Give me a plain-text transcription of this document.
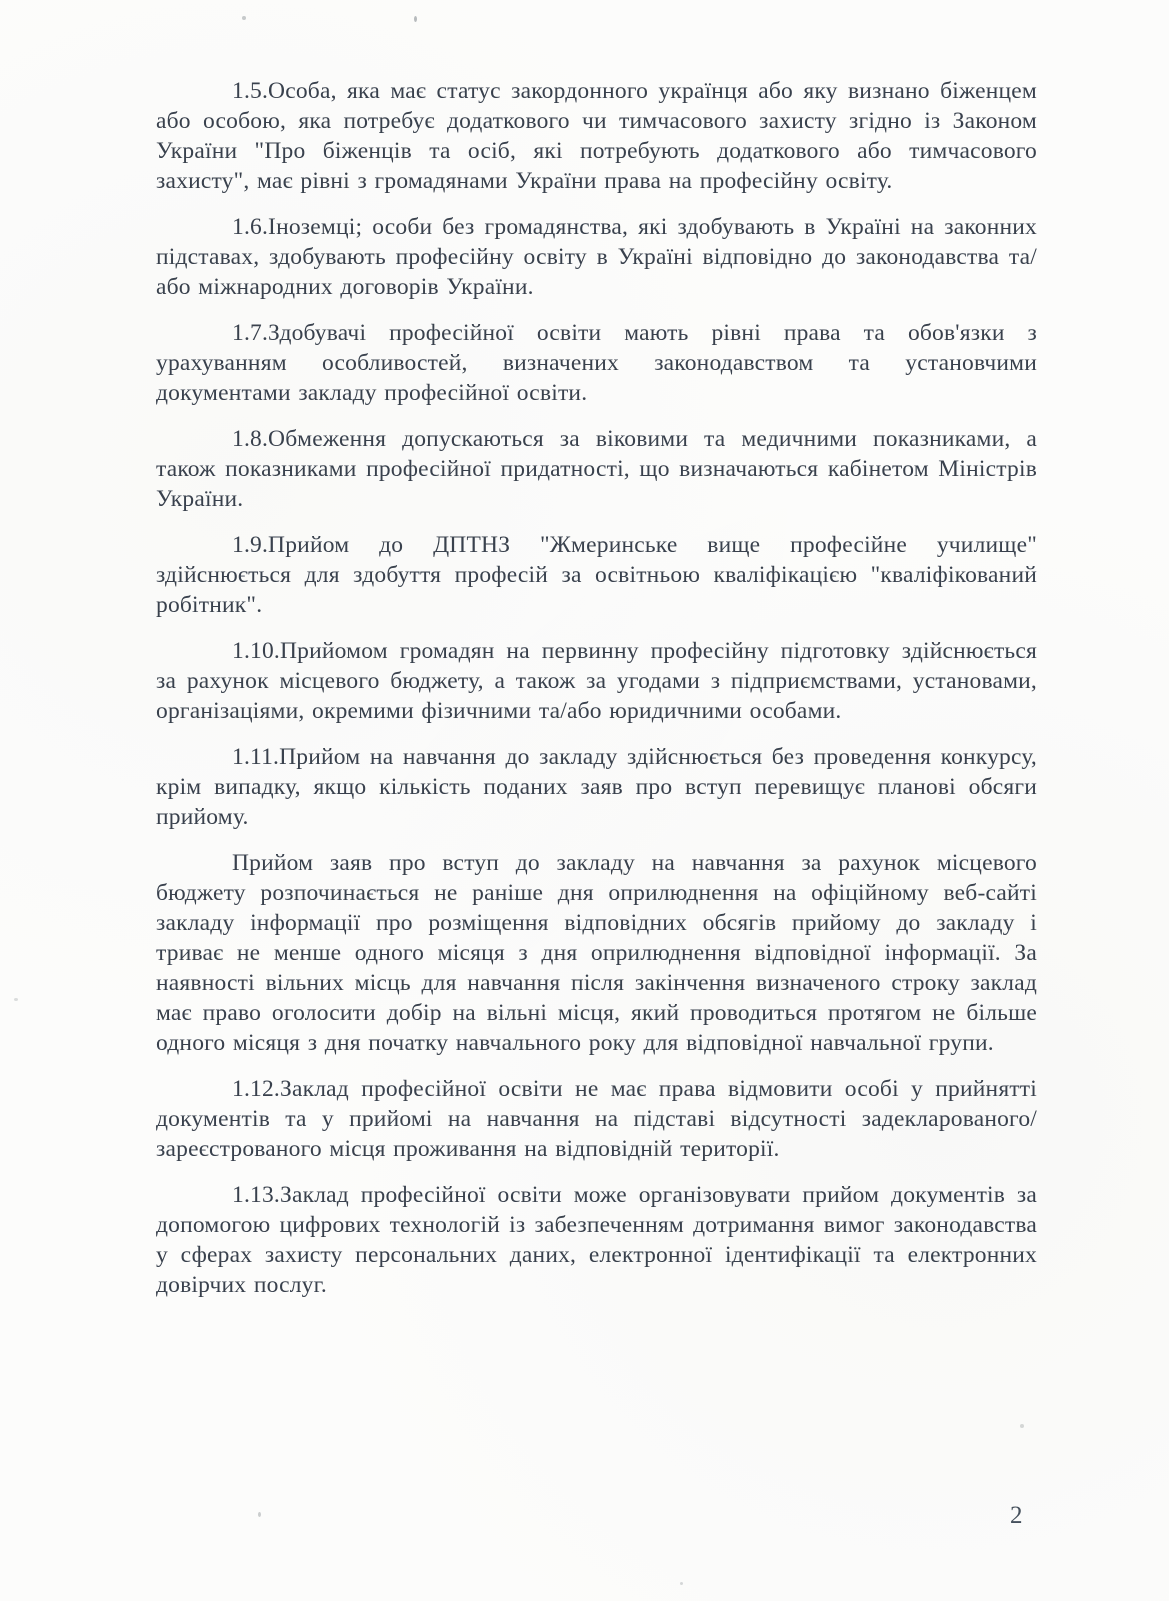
1.5.Особа, яка має статус закордонного українця або яку визнано біженцем або особою, яка потребує додаткового чи тимчасового захисту згідно із Законом України "Про біженців та осіб, які потребують додаткового або тимчасового захисту", має рівні з громадянами України права на професійну освіту.

1.6.Іноземці; особи без громадянства, які здобувають в Україні на законних підставах, здобувають професійну освіту в Україні відповідно до законодавства та/або міжнародних договорів України.

1.7.Здобувачі професійної освіти мають рівні права та обов'язки з урахуванням особливостей, визначених законодавством та установчими документами закладу професійної освіти.

1.8.Обмеження допускаються за віковими та медичними показниками, а також показниками професійної придатності, що визначаються кабінетом Міністрів України.

1.9.Прийом до ДПТНЗ "Жмеринське вище професійне училище" здійснюється для здобуття професій за освітньою кваліфікацією "кваліфікований робітник".

1.10.Прийомом громадян на первинну професійну підготовку здійснюється за рахунок місцевого бюджету, а також за угодами з підприємствами, установами, організаціями, окремими фізичними та/або юридичними особами.

1.11.Прийом на навчання до закладу здійснюється без проведення конкурсу, крім випадку, якщо кількість поданих заяв про вступ перевищує планові обсяги прийому.

Прийом заяв про вступ до закладу на навчання за рахунок місцевого бюджету розпочинається не раніше дня оприлюднення на офіційному веб-сайті закладу інформації про розміщення відповідних обсягів прийому до закладу і триває не менше одного місяця з дня оприлюднення відповідної інформації. За наявності вільних місць для навчання після закінчення визначеного строку заклад має право оголосити добір на вільні місця, який проводиться протягом не більше одного місяця з дня початку навчального року для відповідної навчальної групи.

1.12.Заклад професійної освіти не має права відмовити особі у прийнятті документів та у прийомі на навчання на підставі відсутності задекларованого/зареєстрованого місця проживання на відповідній території.

1.13.Заклад професійної освіти може організовувати прийом документів за допомогою цифрових технологій із забезпеченням дотримання вимог законодавства у сферах захисту персональних даних, електронної ідентифікації та електронних довірчих послуг.

2
